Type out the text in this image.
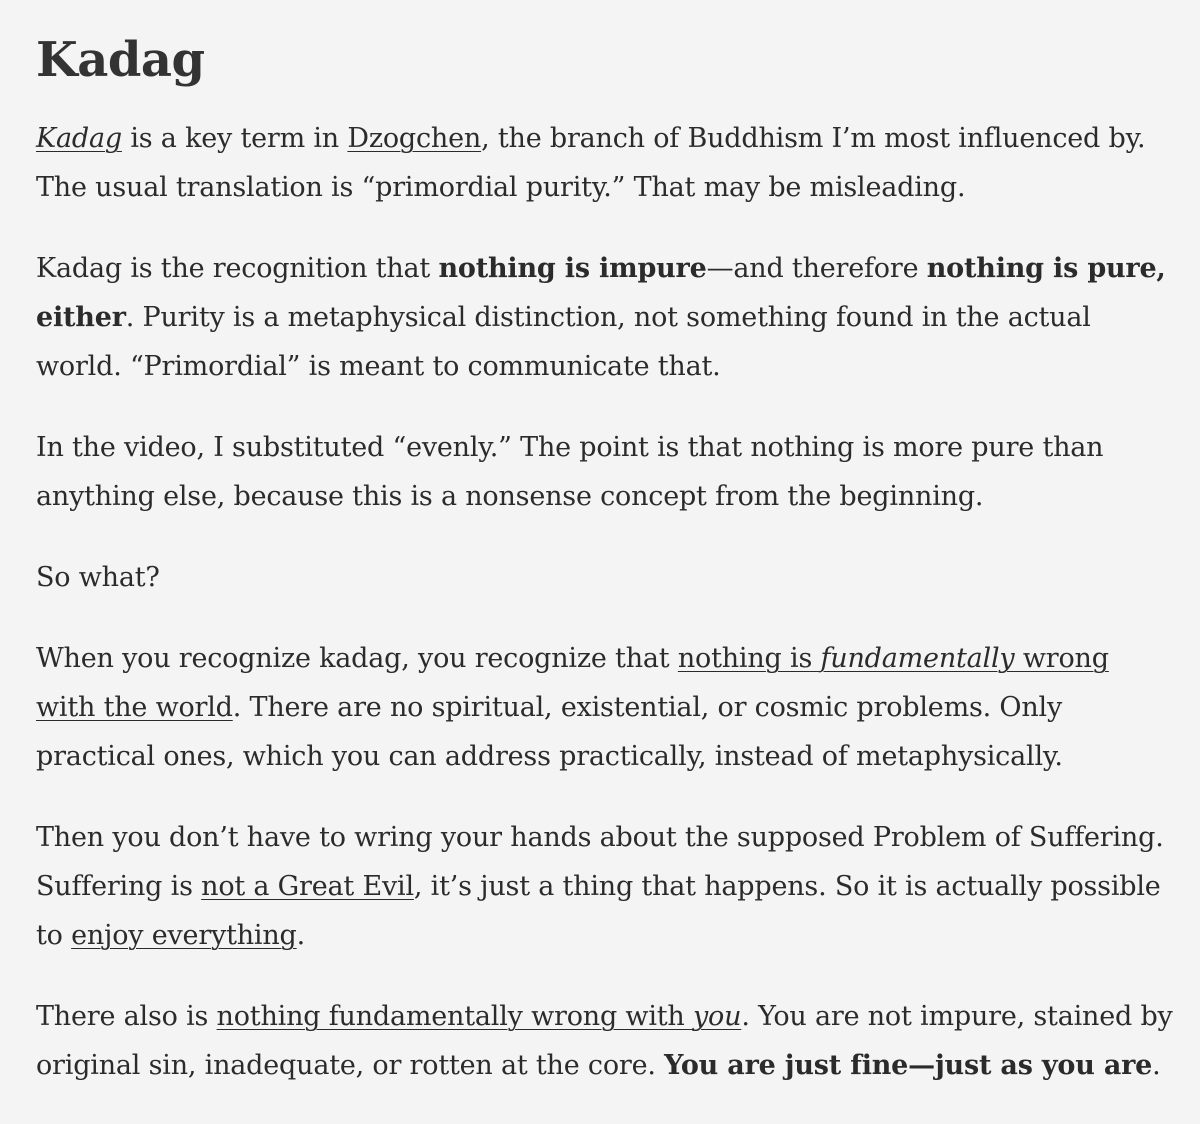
Kadag

Kadag is a key term in Dzogchen, the branch of Buddhism I’m most influenced by. The usual translation is “primordial purity.” That may be misleading.

Kadag is the recognition that nothing is impure—and therefore nothing is pure, either. Purity is a metaphysical distinction, not something found in the actual world. “Primordial” is meant to communicate that.

In the video, I substituted “evenly.” The point is that nothing is more pure than anything else, because this is a nonsense concept from the beginning.

So what?

When you recognize kadag, you recognize that nothing is fundamentally wrong with the world. There are no spiritual, existential, or cosmic problems. Only practical ones, which you can address practically, instead of metaphysically.

Then you don’t have to wring your hands about the supposed Problem of Suffering. Suffering is not a Great Evil, it’s just a thing that happens. So it is actually possible to enjoy everything.

There also is nothing fundamentally wrong with you. You are not impure, stained by original sin, inadequate, or rotten at the core. You are just fine—just as you are.
